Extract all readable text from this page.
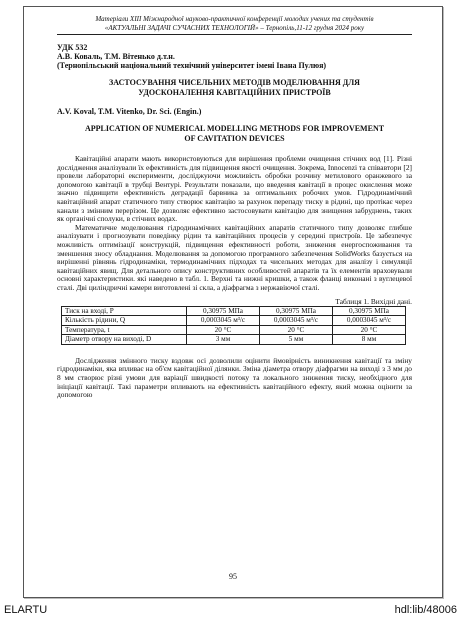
Матеріали XIII Міжнародної науково-практичної конференції молодих учених та студентів
«АКТУАЛЬНІ ЗАДАЧІ СУЧАСНИХ ТЕХНОЛОГІЙ» – Тернопіль,11-12 грудня 2024 року
УДК 532
А.В. Коваль, Т.М. Вітенько д.т.н.
(Тернопільський національний технічний університет імені Івана Пулюя)
ЗАСТОСУВАННЯ ЧИСЕЛЬНИХ МЕТОДІВ МОДЕЛЮВАННЯ ДЛЯ
УДОСКОНАЛЕННЯ КАВІТАЦІЙНИХ ПРИСТРОЇВ
A.V. Koval, T.M. Vitenko, Dr. Sci. (Engin.)
APPLICATION OF NUMERICAL MODELLING METHODS FOR IMPROVEMENT
OF CAVITATION DEVICES

Кавітаційні апарати мають використовуються для вирішення проблеми очищення стічних вод [1]. Різні дослідження аналізували їх ефективність для підвищення якості очищення. Зокрема, Innocenzi та співавтори [2] провели лабораторні експерименти, досліджуючи можливість обробки розчину метилового оранжевого за допомогою кавітації в трубці Вентурі. Результати показали, що введення кавітації в процес окислення може значно підвищити ефективність деградації барвника за оптимальних робочих умов. Гідродинамічний кавітаційний апарат статичного типу створює кавітацію за рахунок перепаду тиску в рідині, що протікає через канали з змінним перерізом. Це дозволяє ефективно застосовувати кавітацію для знищення забруднень, таких як органічні сполуки, в стічних водах.

Математичне моделювання гідродинамічних кавітаційних апаратів статичного типу дозволяє глибше аналізувати і прогнозувати поведінку рідин та кавітаційних процесів у середині пристроїв. Це забезпечує можливість оптимізації конструкцій, підвищення ефективності роботи, зниження енергоспоживання та зменшення зносу обладнання. Моделювання за допомогою програмного забезпечення SolidWorks базується на вирішенні рівнянь гідродинаміки, термодинамічних підходах та чисельних методах для аналізу і симуляції кавітаційних явищ. Для детального опису конструктивних особливостей апаратів та їх елементів враховували основні характеристики. які наведено в табл. 1. Верхні та нижні кришки, а також фланці виконані з вуглецевої сталі. Дві циліндричні камери виготовлені зі скла, а діафрагма з нержавіючої сталі.

Таблиця 1. Вихідні дані.
Тиск на вході, P	0,30975 МПа	0,30975 МПа	0,30975 МПа
Кількість рідини, Q	0,0003045 м³/с	0,0003045 м³/с	0,0003045 м³/с
Температура, t	20 °С	20 °С	20 °С
Діаметр отвору на виході, D	3 мм	5 мм	8 мм

Дослідження змінного тиску вздовж осі дозволили оцінити ймовірність виникнення кавітації та зміну гідродинаміки, яка впливає на об'єм кавітаційної ділянки. Зміна діаметра отвору діафрагми на виході з 3 мм до 8 мм створює різні умови для варіації швидкості потоку та локального зниження тиску, необхідного для ініціації кавітації. Такі параметри впливають на ефективність кавітаційного ефекту, який можна оцінити за допомогою

95
ELARTU	hdl:lib/48006
